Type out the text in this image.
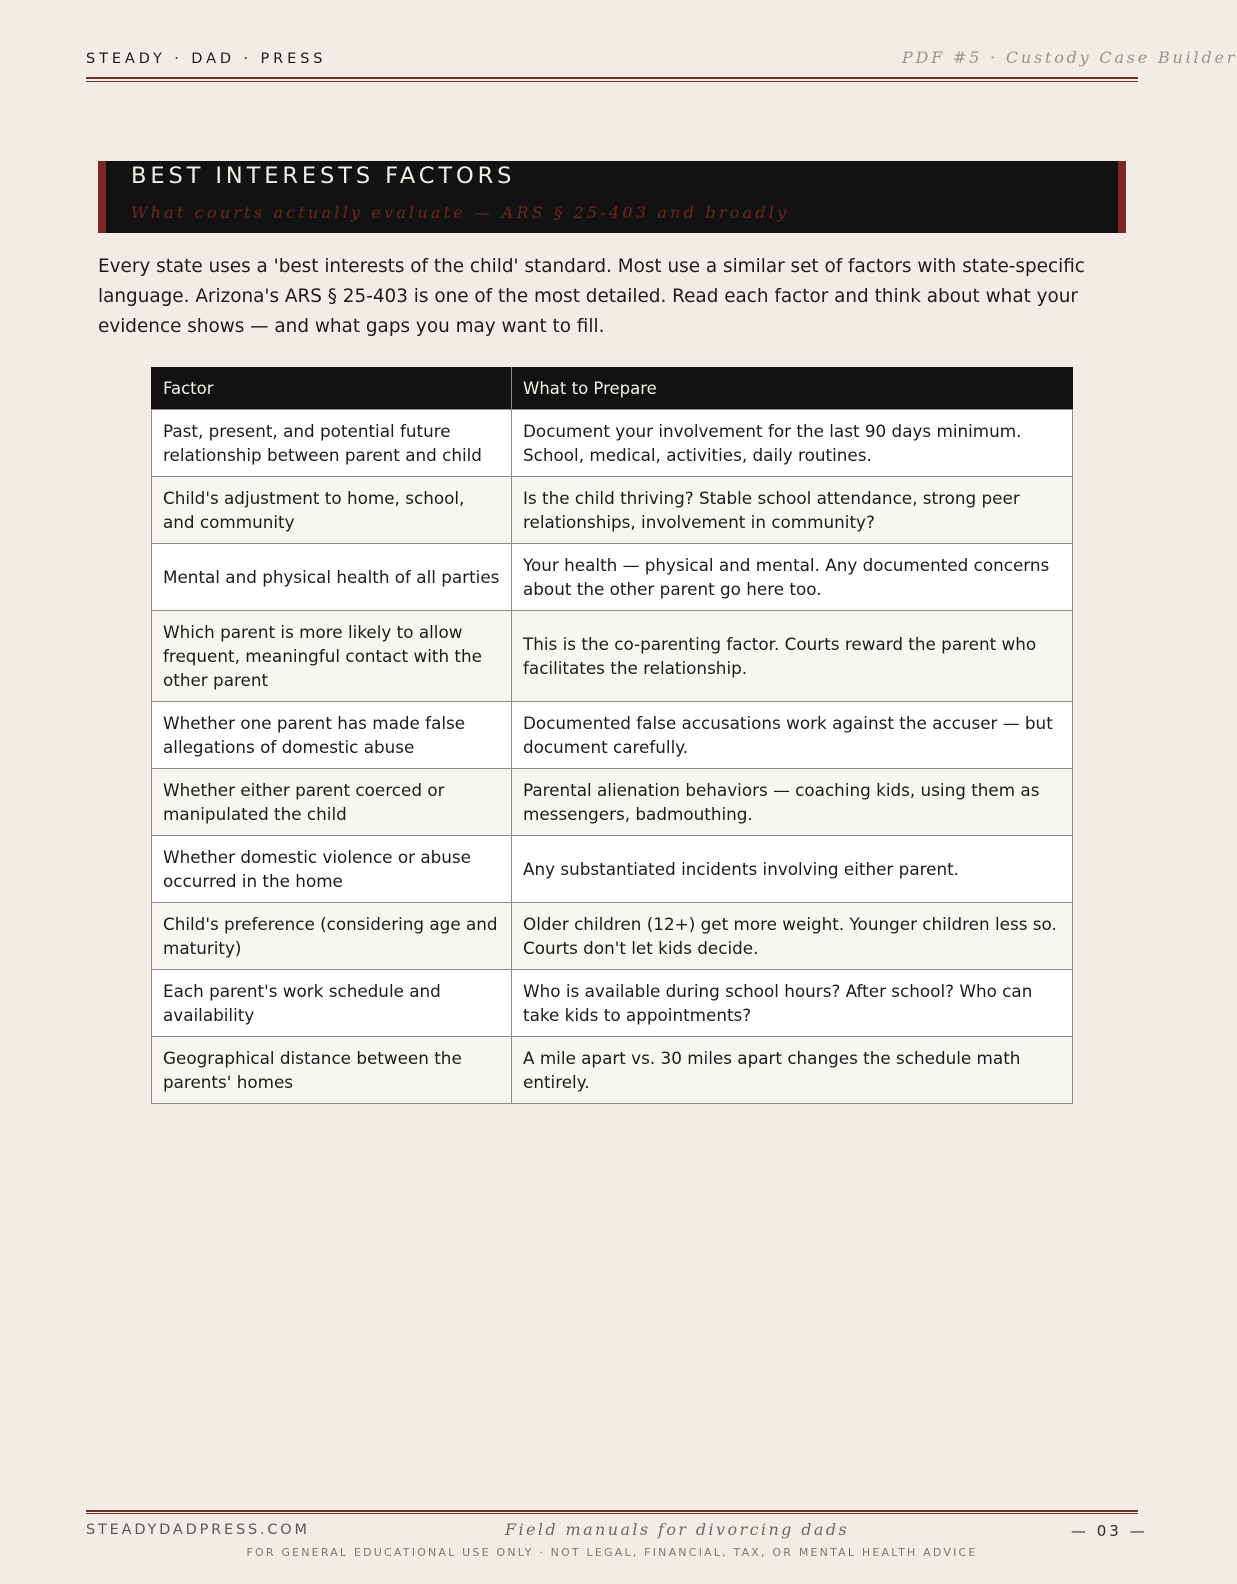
STEADY · DAD · PRESS	PDF #5 · Custody Case Builder
BEST INTERESTS FACTORS
What courts actually evaluate — ARS § 25-403 and broadly

Every state uses a 'best interests of the child' standard. Most use a similar set of factors with state-specific language. Arizona's ARS § 25-403 is one of the most detailed. Read each factor and think about what your evidence shows — and what gaps you may want to fill.

Factor	What to Prepare
Past, present, and potential future relationship between parent and child	Document your involvement for the last 90 days minimum. School, medical, activities, daily routines.
Child's adjustment to home, school, and community	Is the child thriving? Stable school attendance, strong peer relationships, involvement in community?
Mental and physical health of all parties	Your health — physical and mental. Any documented concerns about the other parent go here too.
Which parent is more likely to allow frequent, meaningful contact with the other parent	This is the co-parenting factor. Courts reward the parent who facilitates the relationship.
Whether one parent has made false allegations of domestic abuse	Documented false accusations work against the accuser — but document carefully.
Whether either parent coerced or manipulated the child	Parental alienation behaviors — coaching kids, using them as messengers, badmouthing.
Whether domestic violence or abuse occurred in the home	Any substantiated incidents involving either parent.
Child's preference (considering age and maturity)	Older children (12+) get more weight. Younger children less so. Courts don't let kids decide.
Each parent's work schedule and availability	Who is available during school hours? After school? Who can take kids to appointments?
Geographical distance between the parents' homes	A mile apart vs. 30 miles apart changes the schedule math entirely.
STEADYDADPRESS.COM	Field manuals for divorcing dads	— 03 —
FOR GENERAL EDUCATIONAL USE ONLY · NOT LEGAL, FINANCIAL, TAX, OR MENTAL HEALTH ADVICE
